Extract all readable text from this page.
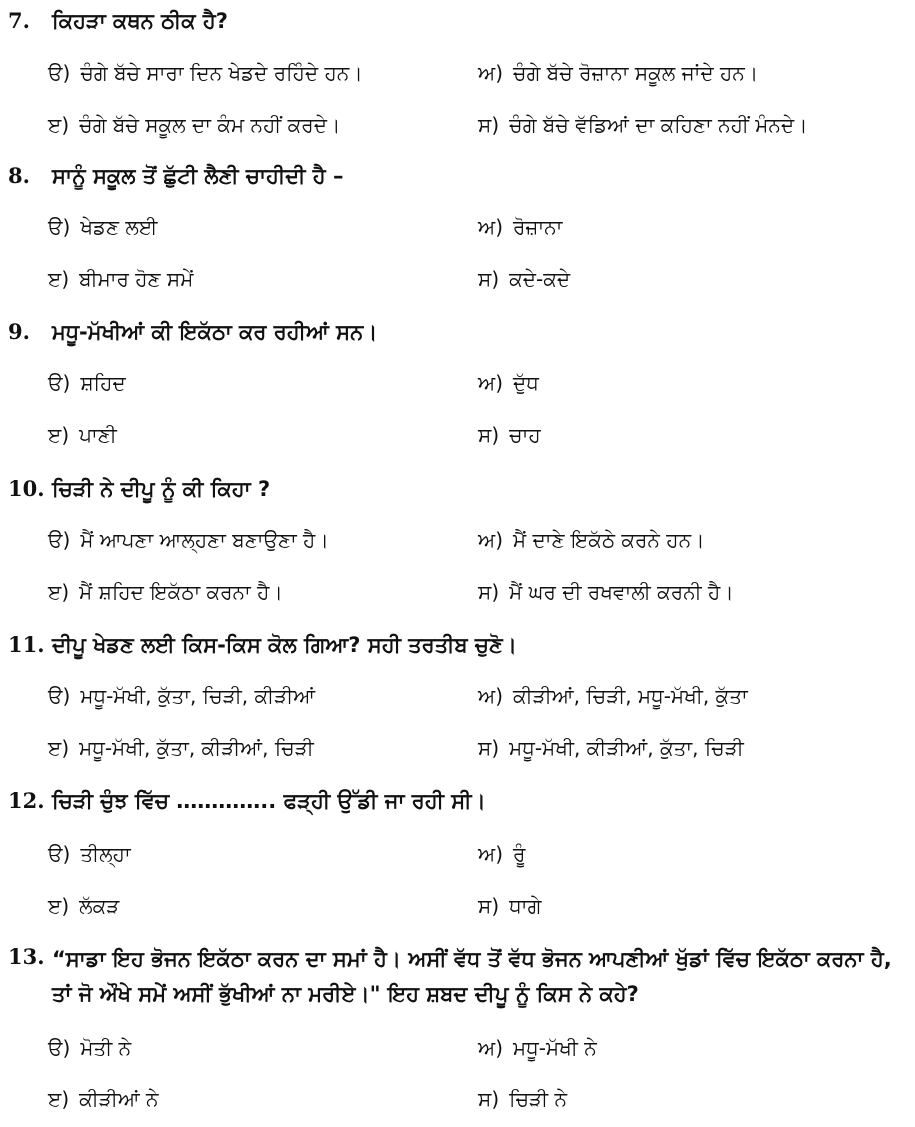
7. ਕਿਹੜਾ ਕਥਨ ਠੀਕ ਹੈ?
ੳ) ਚੰਗੇ ਬੱਚੇ ਸਾਰਾ ਦਿਨ ਖੇਡਦੇ ਰਹਿੰਦੇ ਹਨ।	ਅ) ਚੰਗੇ ਬੱਚੇ ਰੋਜ਼ਾਨਾ ਸਕੂਲ ਜਾਂਦੇ ਹਨ।
ੲ) ਚੰਗੇ ਬੱਚੇ ਸਕੂਲ ਦਾ ਕੰਮ ਨਹੀਂ ਕਰਦੇ।	ਸ) ਚੰਗੇ ਬੱਚੇ ਵੱਡਿਆਂ ਦਾ ਕਹਿਣਾ ਨਹੀਂ ਮੰਨਦੇ।
8. ਸਾਨੂੰ ਸਕੂਲ ਤੋਂ ਛੁੱਟੀ ਲੈਣੀ ਚਾਹੀਦੀ ਹੈ –
ੳ) ਖੇਡਣ ਲਈ	ਅ) ਰੋਜ਼ਾਨਾ
ੲ) ਬੀਮਾਰ ਹੋਣ ਸਮੇਂ	ਸ) ਕਦੇ-ਕਦੇ
9. ਮਧੂ-ਮੱਖੀਆਂ ਕੀ ਇਕੱਠਾ ਕਰ ਰਹੀਆਂ ਸਨ।
ੳ) ਸ਼ਹਿਦ	ਅ) ਦੁੱਧ
ੲ) ਪਾਣੀ	ਸ) ਚਾਹ
10. ਚਿੜੀ ਨੇ ਦੀਪੂ ਨੂੰ ਕੀ ਕਿਹਾ ?
ੳ) ਮੈਂ ਆਪਣਾ ਆਲ੍ਹਣਾ ਬਣਾਉਣਾ ਹੈ।	ਅ) ਮੈਂ ਦਾਣੇ ਇਕੱਠੇ ਕਰਨੇ ਹਨ।
ੲ) ਮੈਂ ਸ਼ਹਿਦ ਇਕੱਠਾ ਕਰਨਾ ਹੈ।	ਸ) ਮੈਂ ਘਰ ਦੀ ਰਖਵਾਲੀ ਕਰਨੀ ਹੈ।
11. ਦੀਪੂ ਖੇਡਣ ਲਈ ਕਿਸ-ਕਿਸ ਕੋਲ ਗਿਆ? ਸਹੀ ਤਰਤੀਬ ਚੁਣੋ।
ੳ) ਮਧੂ-ਮੱਖੀ, ਕੁੱਤਾ, ਚਿੜੀ, ਕੀੜੀਆਂ	ਅ) ਕੀੜੀਆਂ, ਚਿੜੀ, ਮਧੂ-ਮੱਖੀ, ਕੁੱਤਾ
ੲ) ਮਧੂ-ਮੱਖੀ, ਕੁੱਤਾ, ਕੀੜੀਆਂ, ਚਿੜੀ	ਸ) ਮਧੂ-ਮੱਖੀ, ਕੀੜੀਆਂ, ਕੁੱਤਾ, ਚਿੜੀ
12. ਚਿੜੀ ਚੁੰਝ ਵਿੱਚ ………….. ਫੜ੍ਹੀ ਉੱਡੀ ਜਾ ਰਹੀ ਸੀ।
ੳ) ਤੀਲ੍ਹਾ	ਅ) ਰੂੰ
ੲ) ਲੱਕੜ	ਸ) ਧਾਗੇ
13. “ਸਾਡਾ ਇਹ ਭੋਜਨ ਇਕੱਠਾ ਕਰਨ ਦਾ ਸਮਾਂ ਹੈ। ਅਸੀਂ ਵੱਧ ਤੋਂ ਵੱਧ ਭੋਜਨ ਆਪਣੀਆਂ ਖੁੱਡਾਂ ਵਿੱਚ ਇਕੱਠਾ ਕਰਨਾ ਹੈ, ਤਾਂ ਜੋ ਔਖੇ ਸਮੇਂ ਅਸੀਂ ਭੁੱਖੀਆਂ ਨਾ ਮਰੀਏ।" ਇਹ ਸ਼ਬਦ ਦੀਪੂ ਨੂੰ ਕਿਸ ਨੇ ਕਹੇ?
ੳ) ਮੋਤੀ ਨੇ	ਅ) ਮਧੂ-ਮੱਖੀ ਨੇ
ੲ) ਕੀੜੀਆਂ ਨੇ	ਸ) ਚਿੜੀ ਨੇ
